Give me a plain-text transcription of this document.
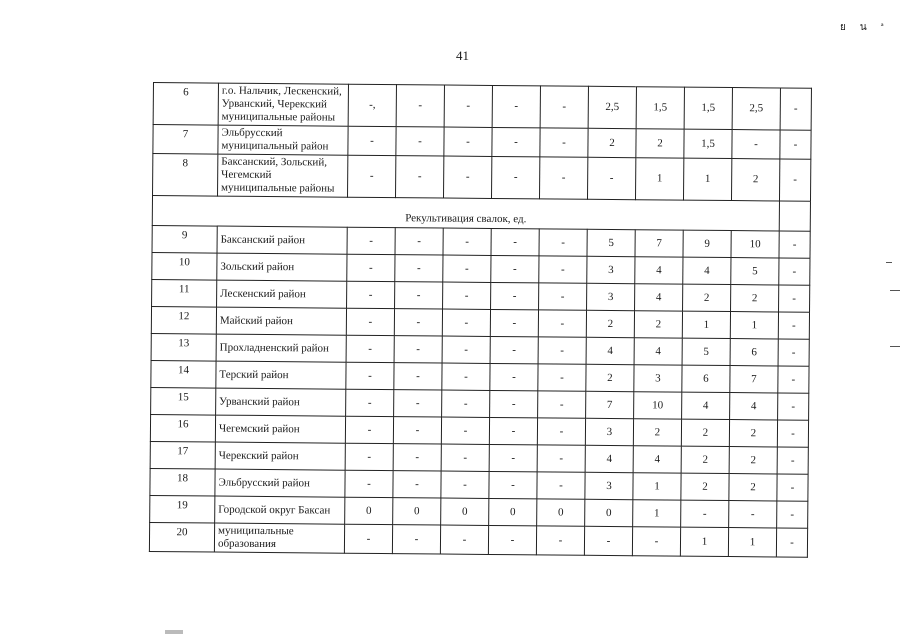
41
ยนª
6	г.о. Нальчик, Лескенский, Урванский, Черекский муниципальные районы	-,	-	-	-	-	2,5	1,5	1,5	2,5	-
7	Эльбрусский муниципальный район	-	-	-	-	-	2	2	1,5	-	-
8	Баксанский, Зольский, Чегемский муниципальные районы	-	-	-	-	-	-	1	1	2	-
Рекультивация свалок, ед.											
9	Баксанский район	-	-	-	-	-	5	7	9	10	-
10	Зольский район	-	-	-	-	-	3	4	4	5	-
11	Лескенский район	-	-	-	-	-	3	4	2	2	-
12	Майский район	-	-	-	-	-	2	2	1	1	-
13	Прохладненский район	-	-	-	-	-	4	4	5	6	-
14	Терский район	-	-	-	-	-	2	3	6	7	-
15	Урванский район	-	-	-	-	-	7	10	4	4	-
16	Чегемский район	-	-	-	-	-	3	2	2	2	-
17	Черекский район	-	-	-	-	-	4	4	2	2	-
18	Эльбрусский район	-	-	-	-	-	3	1	2	2	-
19	Городской округ Баксан	0	0	0	0	0	0	1	-	-	-
20	муниципальные образования	-	-	-	-	-	-	-	1	1	-
